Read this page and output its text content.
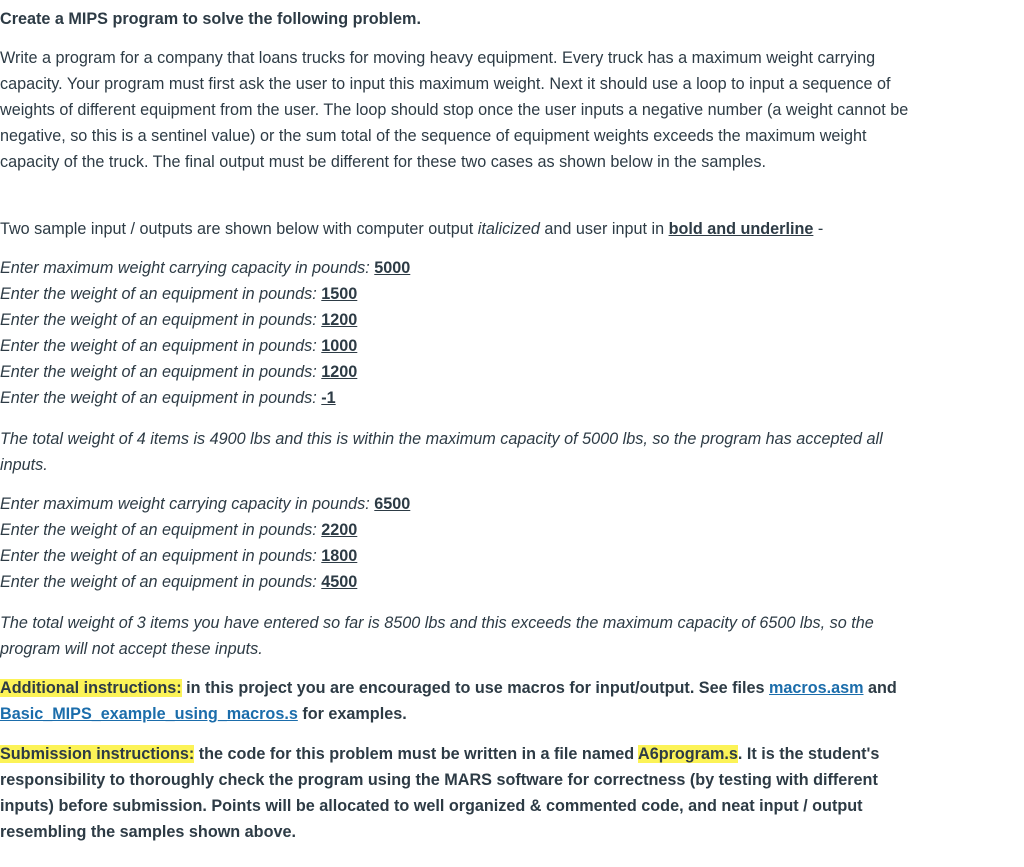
Create a MIPS program to solve the following problem.

Write a program for a company that loans trucks for moving heavy equipment. Every truck has a maximum weight carrying capacity. Your program must first ask the user to input this maximum weight. Next it should use a loop to input a sequence of weights of different equipment from the user. The loop should stop once the user inputs a negative number (a weight cannot be negative, so this is a sentinel value) or the sum total of the sequence of equipment weights exceeds the maximum weight capacity of the truck. The final output must be different for these two cases as shown below in the samples.

Two sample input / outputs are shown below with computer output italicized and user input in bold and underline -

Enter maximum weight carrying capacity in pounds: 5000
Enter the weight of an equipment in pounds: 1500
Enter the weight of an equipment in pounds: 1200
Enter the weight of an equipment in pounds: 1000
Enter the weight of an equipment in pounds: 1200
Enter the weight of an equipment in pounds: -1
The total weight of 4 items is 4900 lbs and this is within the maximum capacity of 5000 lbs, so the program has accepted all
inputs.
Enter maximum weight carrying capacity in pounds: 6500
Enter the weight of an equipment in pounds: 2200
Enter the weight of an equipment in pounds: 1800
Enter the weight of an equipment in pounds: 4500
The total weight of 3 items you have entered so far is 8500 lbs and this exceeds the maximum capacity of 6500 lbs, so the
program will not accept these inputs.
Additional instructions: in this project you are encouraged to use macros for input/output. See files macros.asm and
Basic_MIPS_example_using_macros.s for examples.
Submission instructions: the code for this problem must be written in a file named A6program.s. It is the student's
responsibility to thoroughly check the program using the MARS software for correctness (by testing with different
inputs) before submission. Points will be allocated to well organized & commented code, and neat input / output
resembling the samples shown above.
